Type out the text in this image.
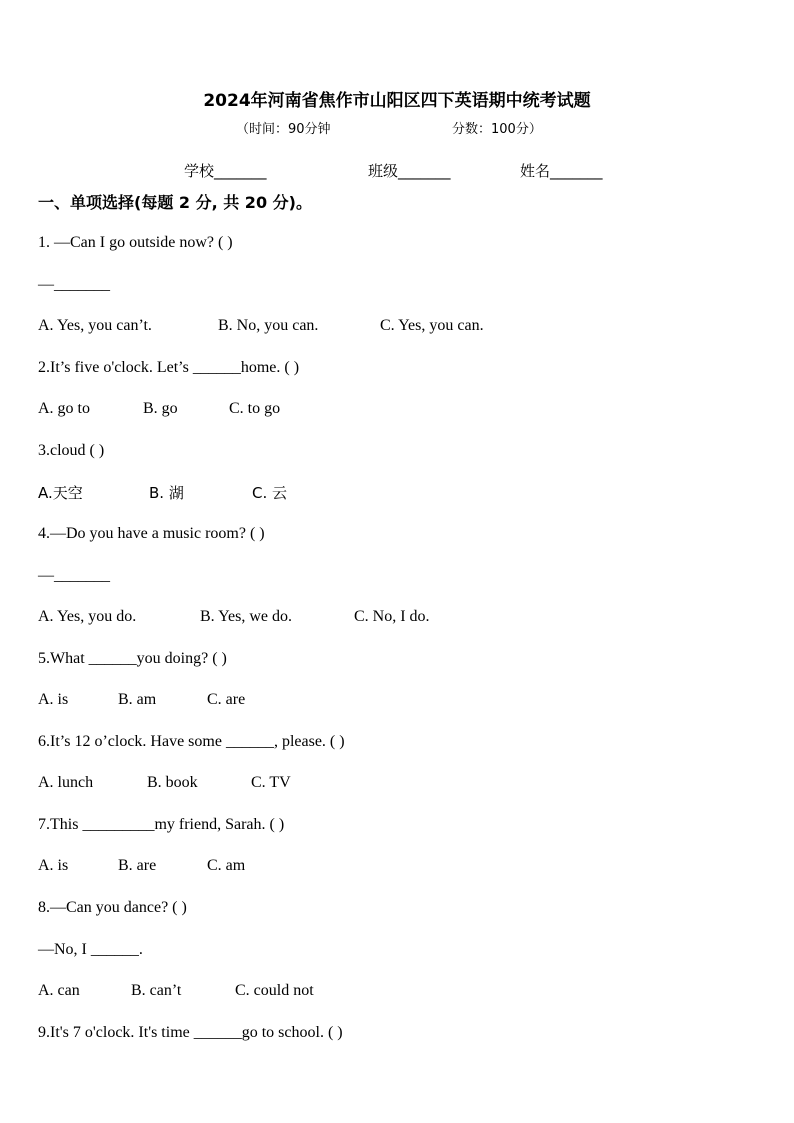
2024年河南省焦作市山阳区四下英语期中统考试题
（时间：90分钟	分数：100分）
学校_______	班级_______	姓名_______
一、单项选择(每题 2 分, 共 20 分)。
1. —Can I go outside now? ( )
—_______
A. Yes, you can’t.	B. No, you can.	C. Yes, you can.
2.It’s five o'clock. Let’s ______home. ( )
A. go to	B. go	C. to go
3.cloud ( )
A.天空	B. 湖	C. 云
4.—Do you have a music room? ( )
—_______
A. Yes, you do.	B. Yes, we do.	C. No, I do.
5.What ______you doing? ( )
A. is	B. am	C. are
6.It’s 12 o’clock. Have some ______, please. ( )
A. lunch	B. book	C. TV
7.This _________my friend, Sarah. ( )
A. is	B. are	C. am
8.—Can you dance? ( )
—No, I ______.
A. can	B. can’t	C. could not
9.It's 7 o'clock. It's time ______go to school. ( )
